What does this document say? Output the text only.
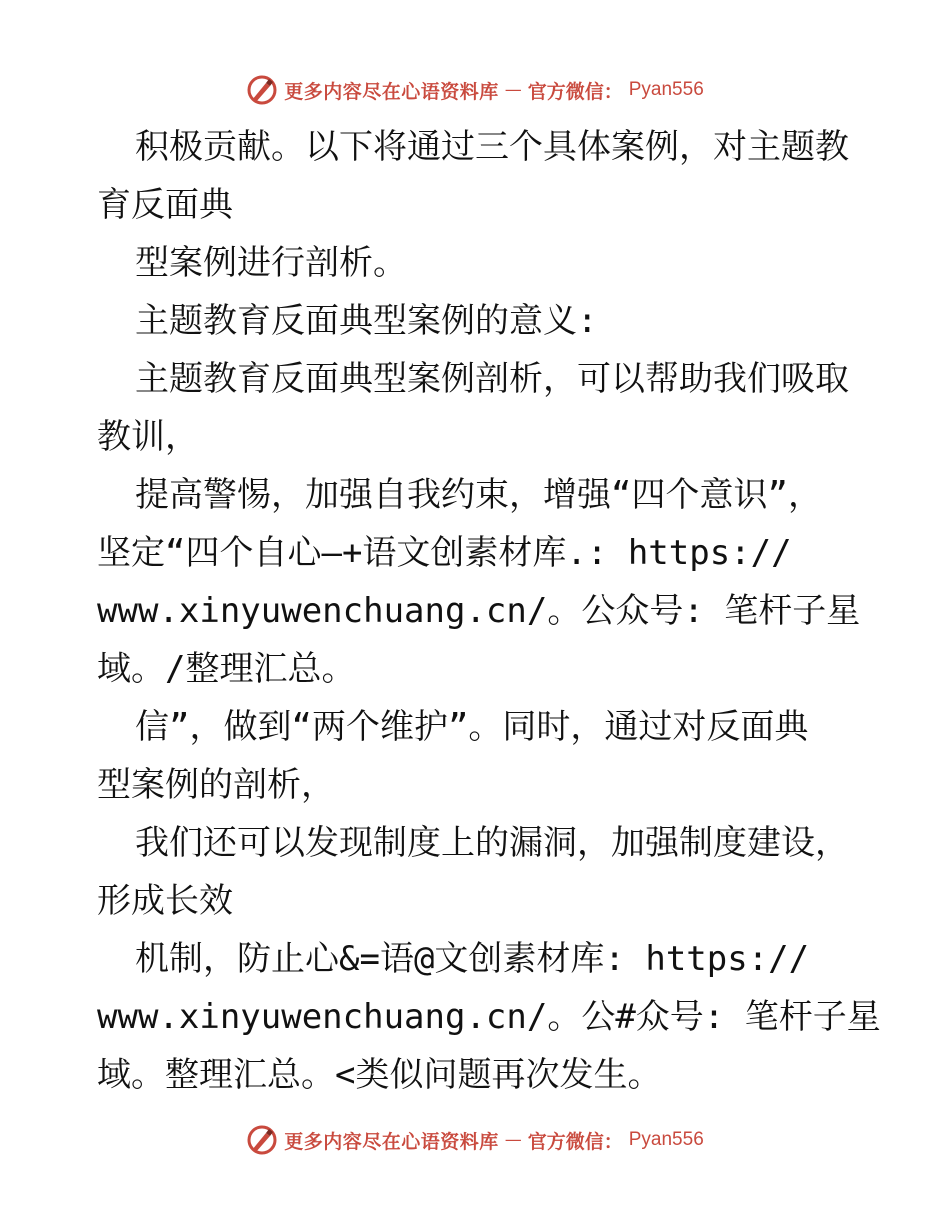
更多内容尽在心语资料库 — 官方微信： Pyan556
积极贡献。以下将通过三个具体案例，对主题教
育反面典
型案例进行剖析。
主题教育反面典型案例的意义:
主题教育反面典型案例剖析，可以帮助我们吸取
教训，
提高警惕，加强自我约束，增强“四个意识”，
坚定“四个自心—+语文创素材库.: https://
www.xinyuwenchuang.cn/。公众号: 笔杆子星
域。/整理汇总。
信”，做到“两个维护”。同时，通过对反面典
型案例的剖析，
我们还可以发现制度上的漏洞，加强制度建设，
形成长效
机制，防止心&=语@文创素材库: https://
www.xinyuwenchuang.cn/。公#众号: 笔杆子星
域。整理汇总。<类似问题再次发生。
更多内容尽在心语资料库 — 官方微信： Pyan556
